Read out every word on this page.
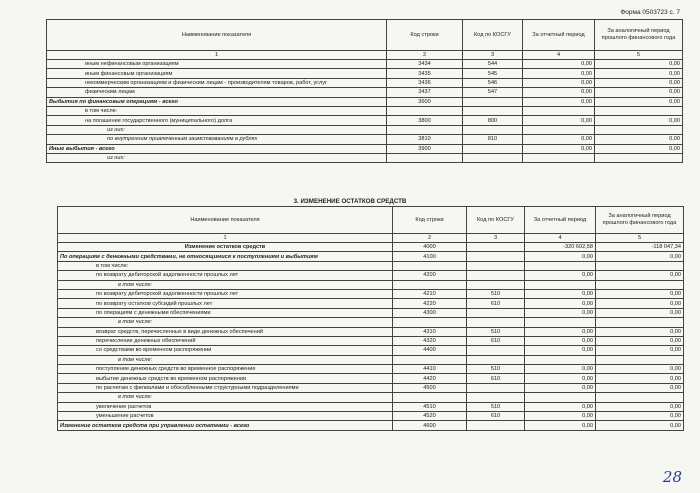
Форма 0503723 с. 7
Наименование показателя	Код строки	Код по КОСГУ	За отчетный период	За аналогичный период прошлого финансового года
1	2	3	4	5
иным нефинансовым организациям	3434	544	0,00	0,00
иным финансовым организациям	3435	545	0,00	0,00
некоммерческим организациям и физическим лицам - производителям товаров, работ, услуг	3436	546	0,00	0,00
физическим лицам	3437	547	0,00	0,00
Выбытия по финансовым операциям - всего	3600		0,00	0,00
в том числе:				
на погашение государственного (муниципального) долга	3800	800	0,00	0,00
из них:				
по внутренним привлеченным заимствованиям в рублях	3810	810	0,00	0,00
Иные выбытия - всего	3900		0,00	0,00
из них:				
3. ИЗМЕНЕНИЕ ОСТАТКОВ СРЕДСТВ
Наименование показателя	Код строки	Код по КОСГУ	За отчетный период	За аналогичный период прошлого финансового года
1	2	3	4	5
Изменение остатков средств	4000		-320 602,58	-118 047,34
По операциям с денежными средствами, не относящимися к поступлениям и выбытиям	4100		0,00	0,00
в том числе:				
по возврату дебиторской задолженности прошлых лет	4200		0,00	0,00
в том числе:				
по возврату дебиторской задолженности прошлых лет	4210	510	0,00	0,00
по возврату остатков субсидий прошлых лет	4220	610	0,00	0,00
по операциям с денежными обеспечениями	4300		0,00	0,00
в том числе:				
возврат средств, перечисленных в виде денежных обеспечений	4310	510	0,00	0,00
перечисление денежных обеспечений	4320	610	0,00	0,00
со средствами во временном распоряжении	4400		0,00	0,00
в том числе:				
поступление денежных средств во временное распоряжение	4410	510	0,00	0,00
выбытие денежных средств во временном распоряжении	4420	610	0,00	0,00
по расчетам с филиалами и обособленными структурными подразделениями	4500		0,00	0,00
в том числе:				
увеличение расчетов	4510	510	0,00	0,00
уменьшение расчетов	4520	610	0,00	0,00
Изменение остатков средств при управлении остатками - всего	4600		0,00	0,00
28
